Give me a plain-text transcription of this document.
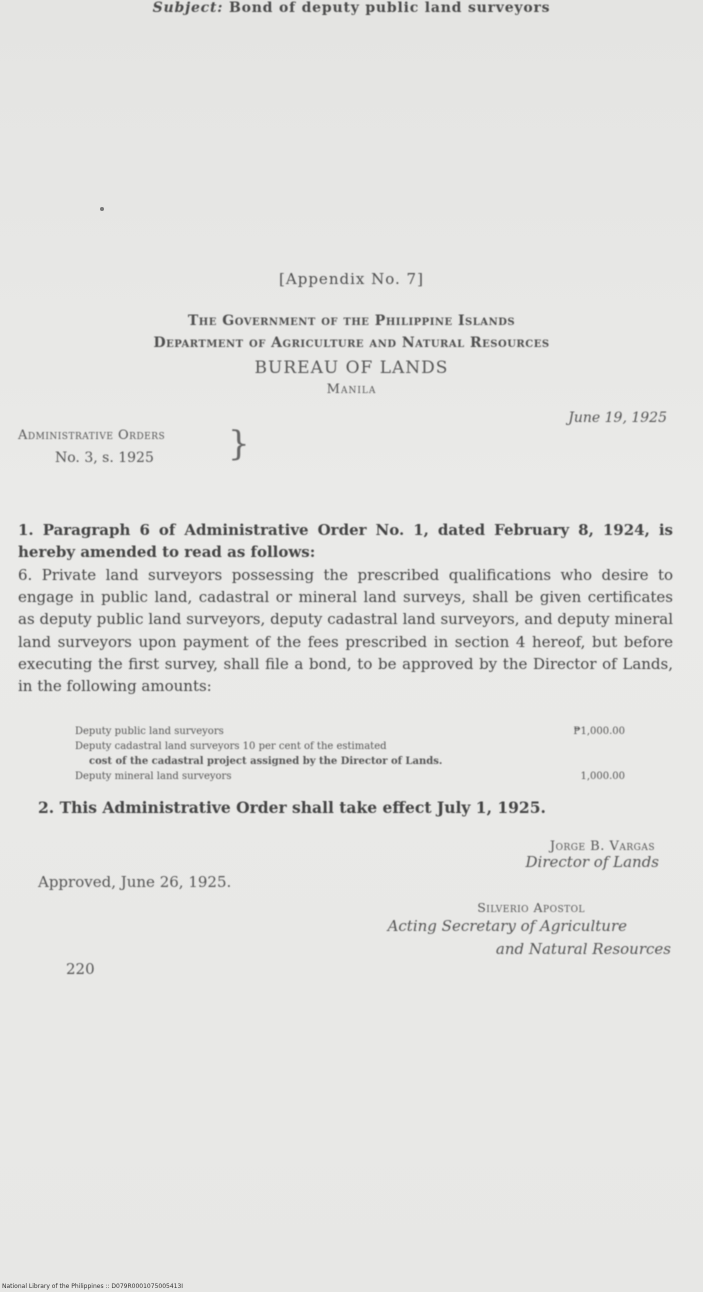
[Appendix No. 7]
The Government of the Philippine Islands
Department of Agriculture and Natural Resources
BUREAU OF LANDS
Manila
June 19, 1925
Administrative Orders
No. 3, s. 1925 }
Subject: Bond of deputy public land surveyors
1. Paragraph 6 of Administrative Order No. 1, dated February 8, 1924, is hereby amended to read as follows:
6. Private land surveyors possessing the prescribed qualifications who desire to engage in public land, cadastral or mineral land surveys, shall be given certificates as deputy public land surveyors, deputy cadastral land surveyors, and deputy mineral land surveyors upon payment of the fees prescribed in section 4 hereof, but before executing the first survey, shall file a bond, to be approved by the Director of Lands, in the following amounts:
Deputy public land surveyors	₱1,000.00
Deputy cadastral land surveyors 10 per cent of the estimated
cost of the cadastral project assigned by the Director of Lands.
Deputy mineral land surveyors	1,000.00
2. This Administrative Order shall take effect July 1, 1925.
Jorge B. Vargas
Director of Lands
Approved, June 26, 1925.
Silverio Apostol
Acting Secretary of Agriculture
and Natural Resources
220
National Library of the Philippines :: D079R0001075005413I
